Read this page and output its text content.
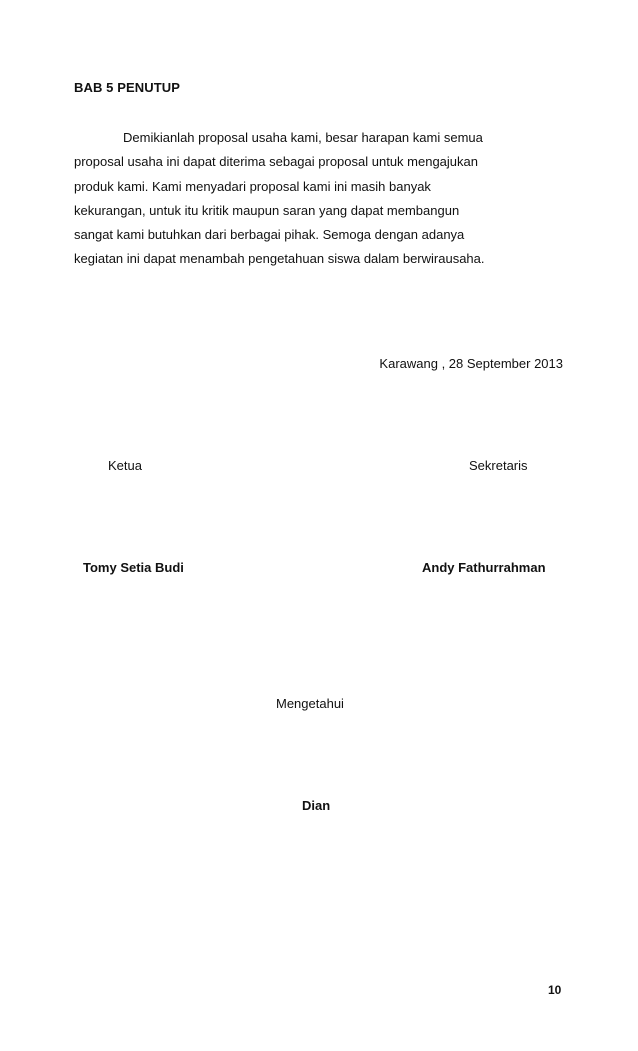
BAB 5 PENUTUP
Demikianlah proposal usaha kami, besar harapan kami semua
proposal usaha ini dapat diterima sebagai proposal untuk mengajukan
produk kami. Kami menyadari proposal kami ini masih banyak
kekurangan, untuk itu kritik maupun saran yang dapat membangun
sangat kami butuhkan dari berbagai pihak. Semoga dengan adanya
kegiatan ini dapat menambah pengetahuan siswa dalam berwirausaha.
Karawang , 28 September 2013
Ketua	Sekretaris
Tomy Setia Budi	Andy Fathurrahman
Mengetahui
Dian
10
